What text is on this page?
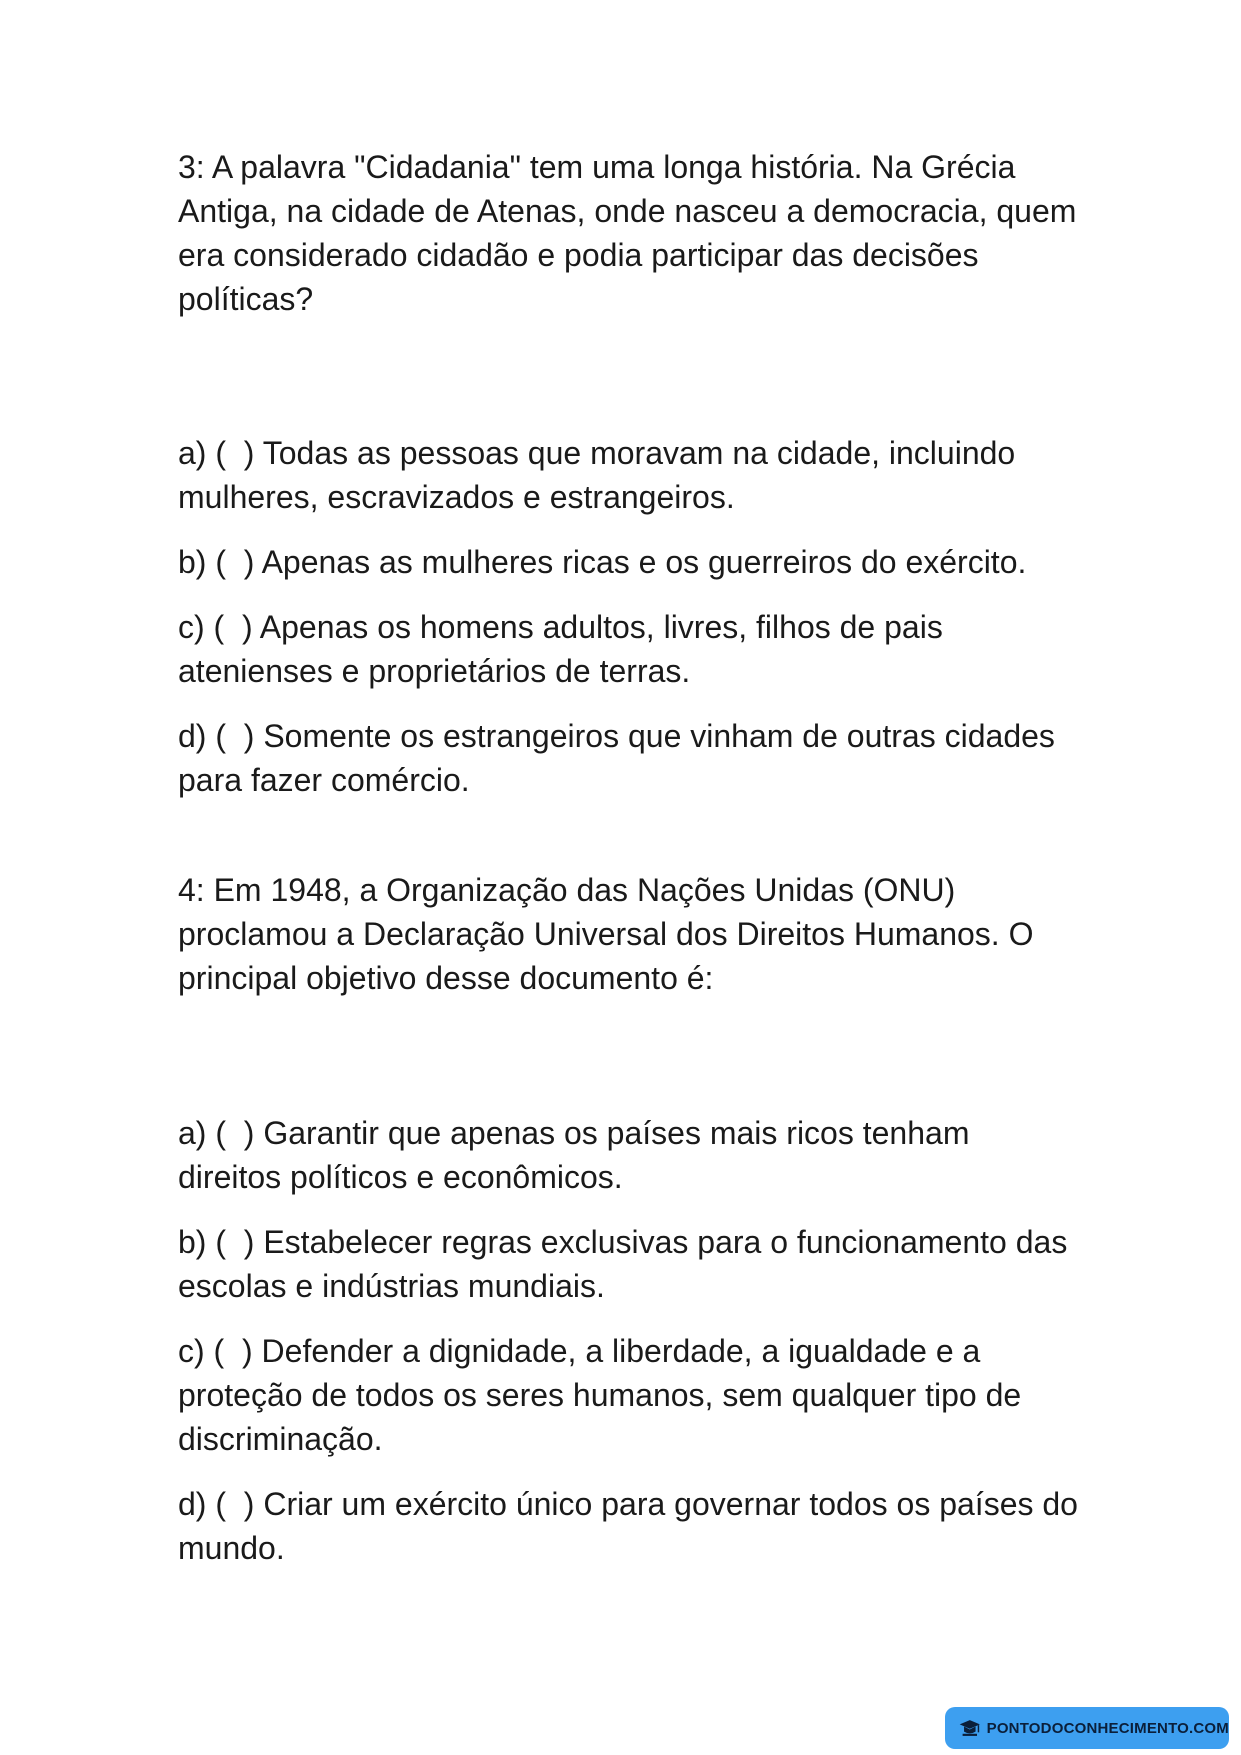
3: A palavra "Cidadania" tem uma longa história. Na Grécia Antiga, na cidade de Atenas, onde nasceu a democracia, quem era considerado cidadão e podia participar das decisões políticas?

a) (  ) Todas as pessoas que moravam na cidade, incluindo mulheres, escravizados e estrangeiros.
b) (  ) Apenas as mulheres ricas e os guerreiros do exército.
c) (  ) Apenas os homens adultos, livres, filhos de pais atenienses e proprietários de terras.
d) (  ) Somente os estrangeiros que vinham de outras cidades para fazer comércio.

4: Em 1948, a Organização das Nações Unidas (ONU) proclamou a Declaração Universal dos Direitos Humanos. O principal objetivo desse documento é:

a) (  ) Garantir que apenas os países mais ricos tenham direitos políticos e econômicos.
b) (  ) Estabelecer regras exclusivas para o funcionamento das escolas e indústrias mundiais.
c) (  ) Defender a dignidade, a liberdade, a igualdade e a proteção de todos os seres humanos, sem qualquer tipo de discriminação.
d) (  ) Criar um exército único para governar todos os países do mundo.
PONTODOCONHECIMENTO.COM
